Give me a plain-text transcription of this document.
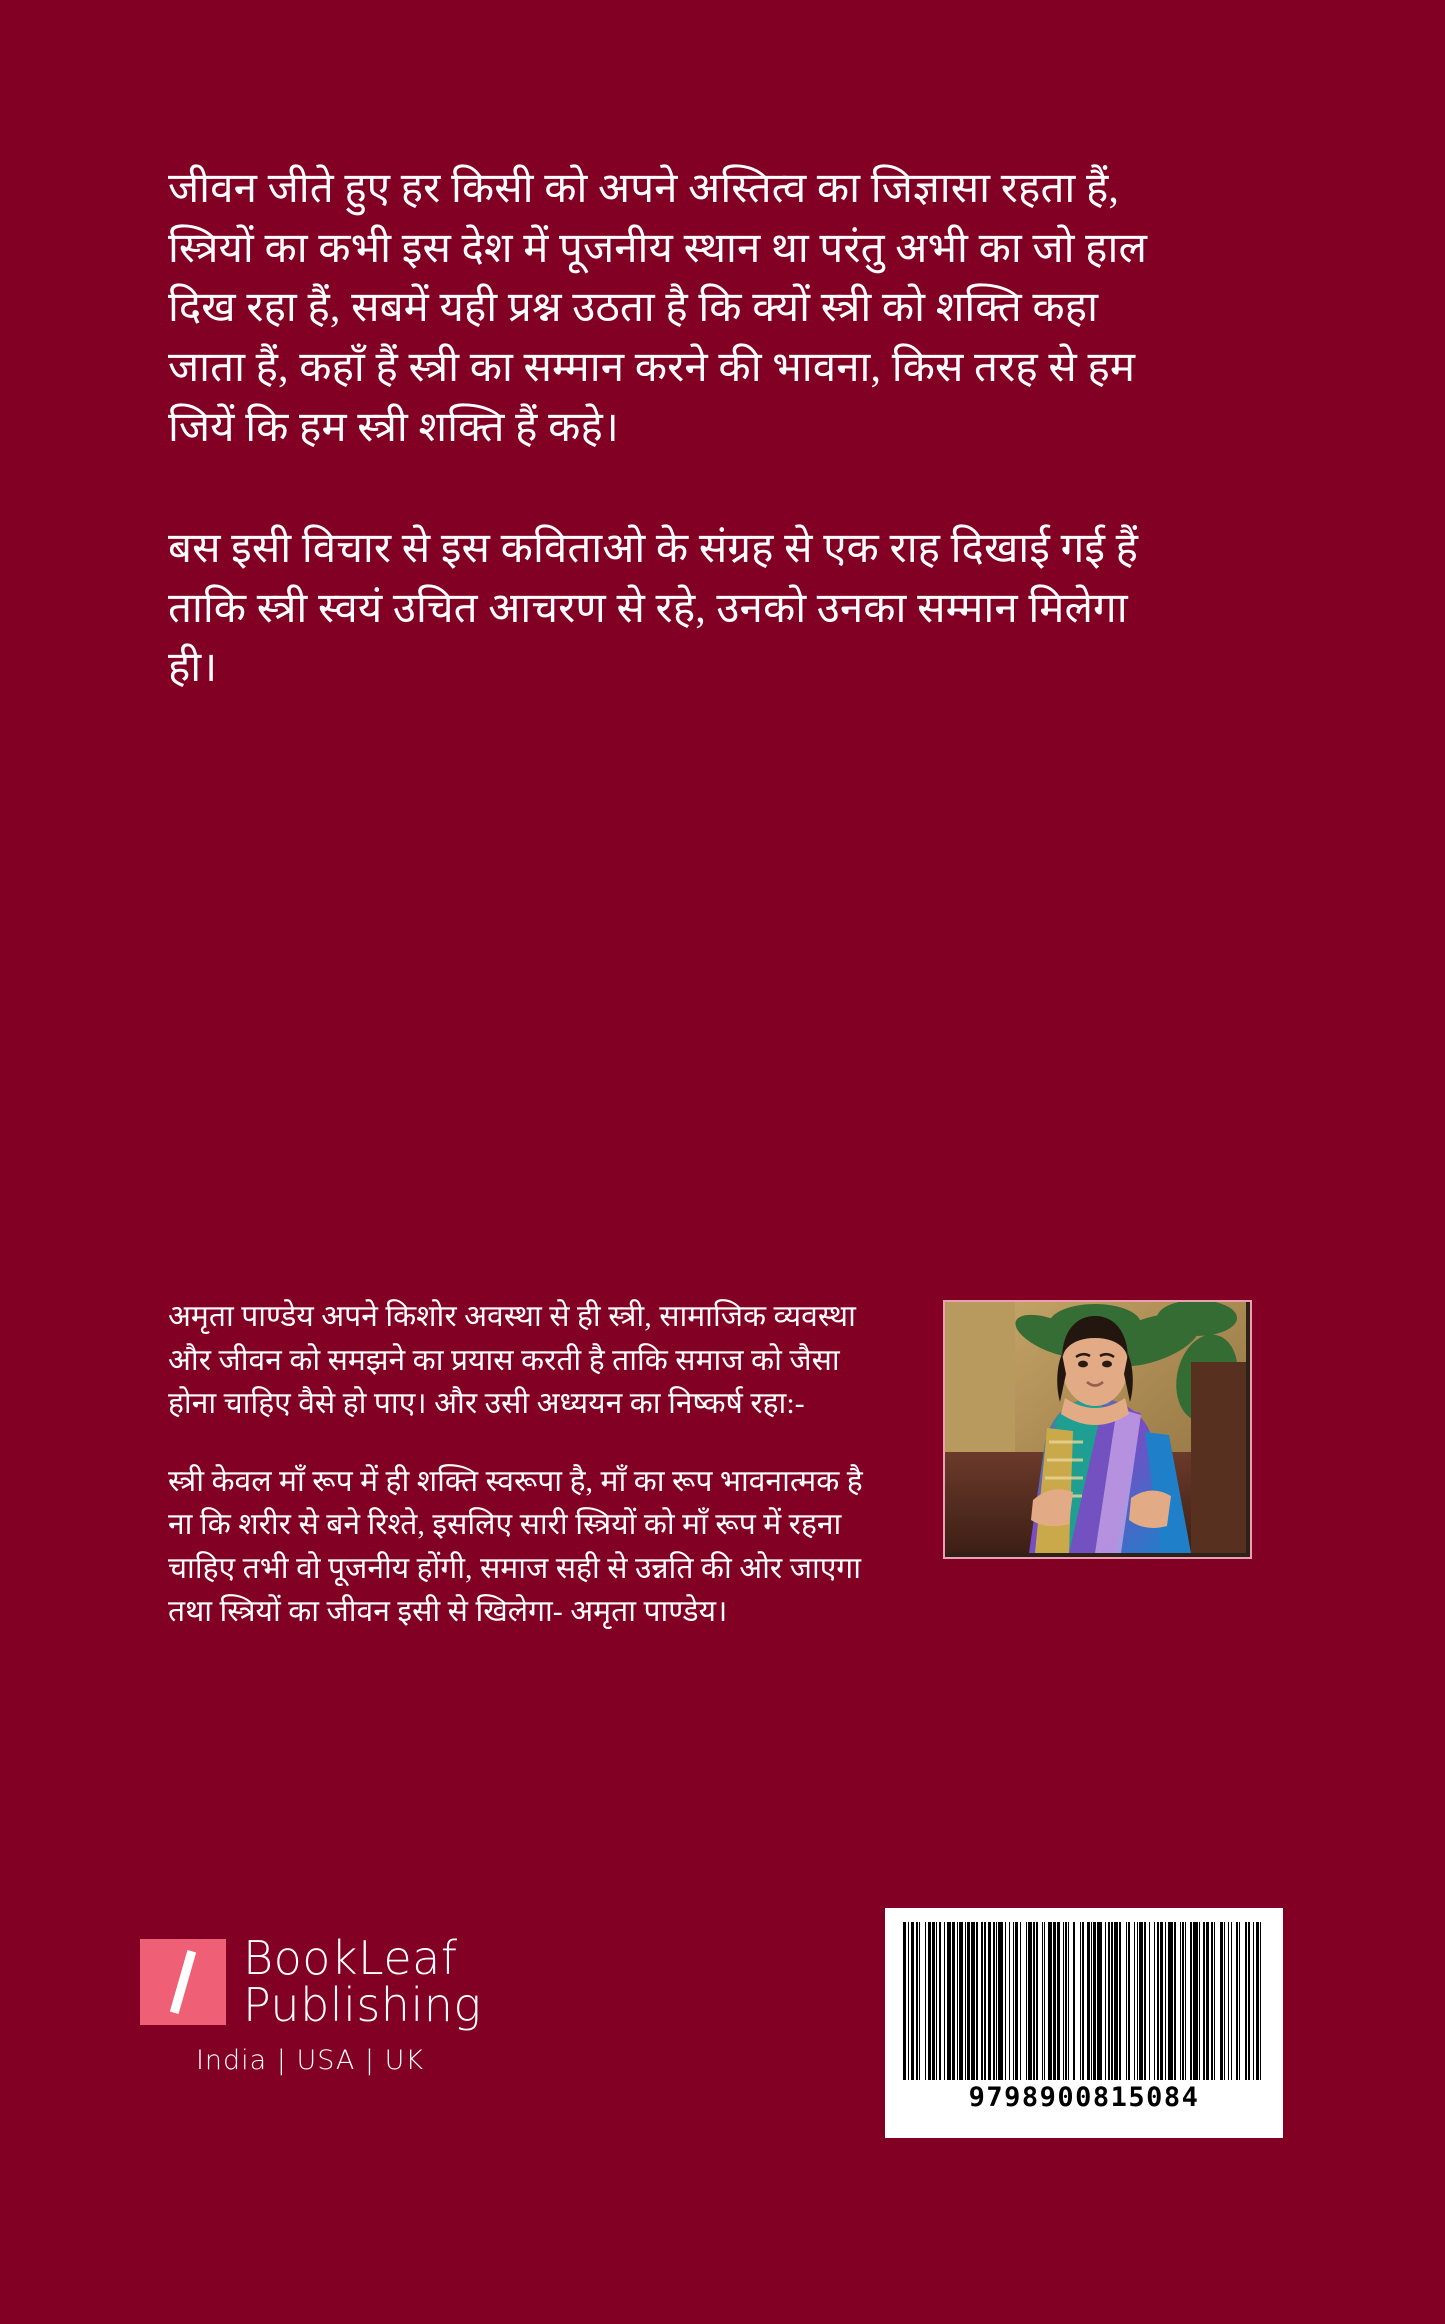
जीवन जीते हुए हर किसी को अपने अस्तित्व का जिज्ञासा रहता हैं, स्त्रियों का कभी इस देश में पूजनीय स्थान था परंतु अभी का जो हाल दिख रहा हैं, सबमें यही प्रश्न उठता है कि क्यों स्त्री को शक्ति कहा जाता हैं, कहाँ हैं स्त्री का सम्मान करने की भावना, किस तरह से हम जियें कि हम स्त्री शक्ति हैं कहे।

बस इसी विचार से इस कविताओ के संग्रह से एक राह दिखाई गई हैं ताकि स्त्री स्वयं उचित आचरण से रहे, उनको उनका सम्मान मिलेगा ही।

अमृता पाण्डेय अपने किशोर अवस्था से ही स्त्री, सामाजिक व्यवस्था और जीवन को समझने का प्रयास करती है ताकि समाज को जैसा होना चाहिए वैसे हो पाए। और उसी अध्ययन का निष्कर्ष रहा:-

स्त्री केवल माँ रूप में ही शक्ति स्वरूपा है, माँ का रूप भावनात्मक है ना कि शरीर से बने रिश्ते, इसलिए सारी स्त्रियों को माँ रूप में रहना चाहिए तभी वो पूजनीय होंगी, समाज सही से उन्नति की ओर जाएगा तथा स्त्रियों का जीवन इसी से खिलेगा- अमृता पाण्डेय।

BookLeaf
Publishing
India | USA | UK
9798900815084
